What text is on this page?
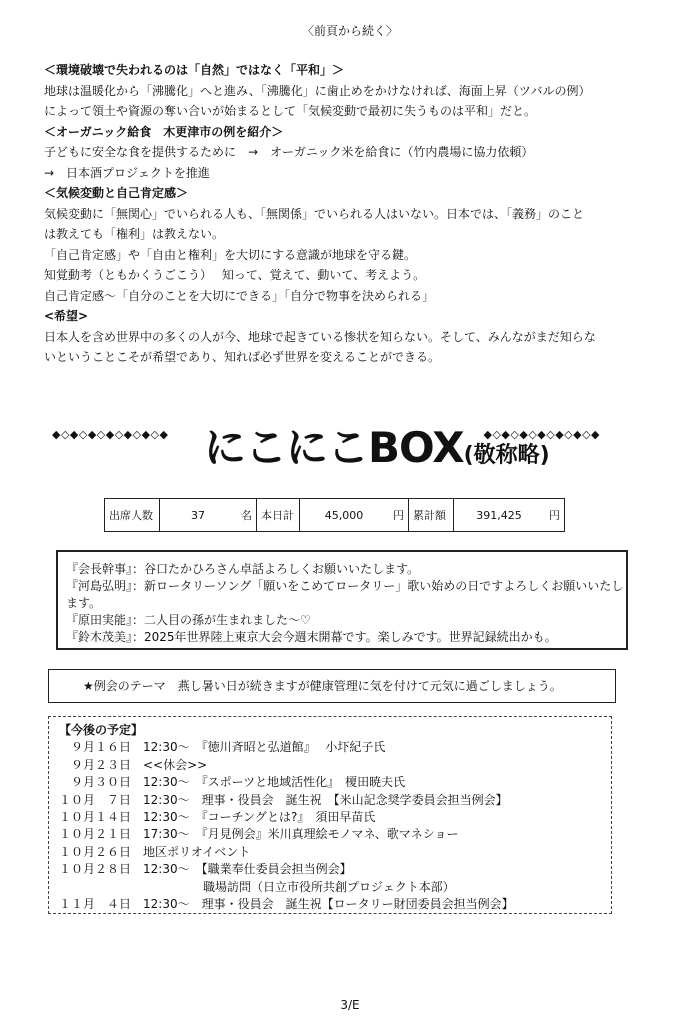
〈前頁から続く〉
＜環境破壊で失われるのは「自然」ではなく「平和」＞
地球は温暖化から「沸騰化」へと進み、「沸騰化」に歯止めをかけなければ、海面上昇（ツバルの例）
によって領土や資源の奪い合いが始まるとして「気候変動で最初に失うものは平和」だと。
＜オーガニック給食　木更津市の例を紹介＞
子どもに安全な食を提供するために　→　オーガニック米を給食に（竹内農場に協力依頼）
→　日本酒プロジェクトを推進
＜気候変動と自己肯定感＞
気候変動に「無関心」でいられる人も、「無関係」でいられる人はいない。日本では、「義務」のこと
は教えても「権利」は教えない。
「自己肯定感」や「自由と権利」を大切にする意識が地球を守る鍵。
知覚動考（ともかくうごこう）　 知って、覚えて、動いて、考えよう。
自己肯定感～「自分のことを大切にできる」「自分で物事を決められる」
<希望>
日本人を含め世界中の多くの人が今、地球で起きている惨状を知らない。そして、みんながまだ知らな
いということこそが希望であり、知れば必ず世界を変えることができる。
◆◇◆◇◆◇◆◇◆◇◆◇◆ にこにこBOX(敬称略)
◆◇◆◇◆◇◆◇◆◇◆◇◆
出席人数	37	名	本日計	45,000	円	累計額	391,425	円
『会長幹事』：谷口たかひろさん卓話よろしくお願いいたします。
『河島弘明』：新ロータリーソング「願いをこめてロータリー」歌い始めの日ですよろしくお願いいたします。
『原田実能』：二人目の孫が生まれました～♡
『鈴木茂美』：2025年世界陸上東京大会今週末開幕です。楽しみです。世界記録続出かも。
★例会のテーマ　燕し暑い日が続きますが健康管理に気を付けて元気に過ごしましょう。
【今後の予定】
　９月１６日　12:30～　『徳川斉昭と弘道館』　 小圷紀子氏
　９月２３日　<<休会>>
　９月３０日　12:30～　『スポーツと地域活性化』　榎田暁夫氏
１０月　７日　12:30～　理事・役員会　誕生祝　【米山記念奨学委員会担当例会】
１０月１４日　12:30～　『コーチングとは?』　須田早苗氏
１０月２１日　17:30～　『月見例会』米川真理絵モノマネ、歌マネショー
１０月２６日　地区ポリオイベント
１０月２８日　12:30～　【職業奉仕委員会担当例会】
　　　　　　　　　　　　職場訪問（日立市役所共創プロジェクト本部）
１１月　４日　12:30～　理事・役員会　誕生祝【ロータリー財団委員会担当例会】
3/E
